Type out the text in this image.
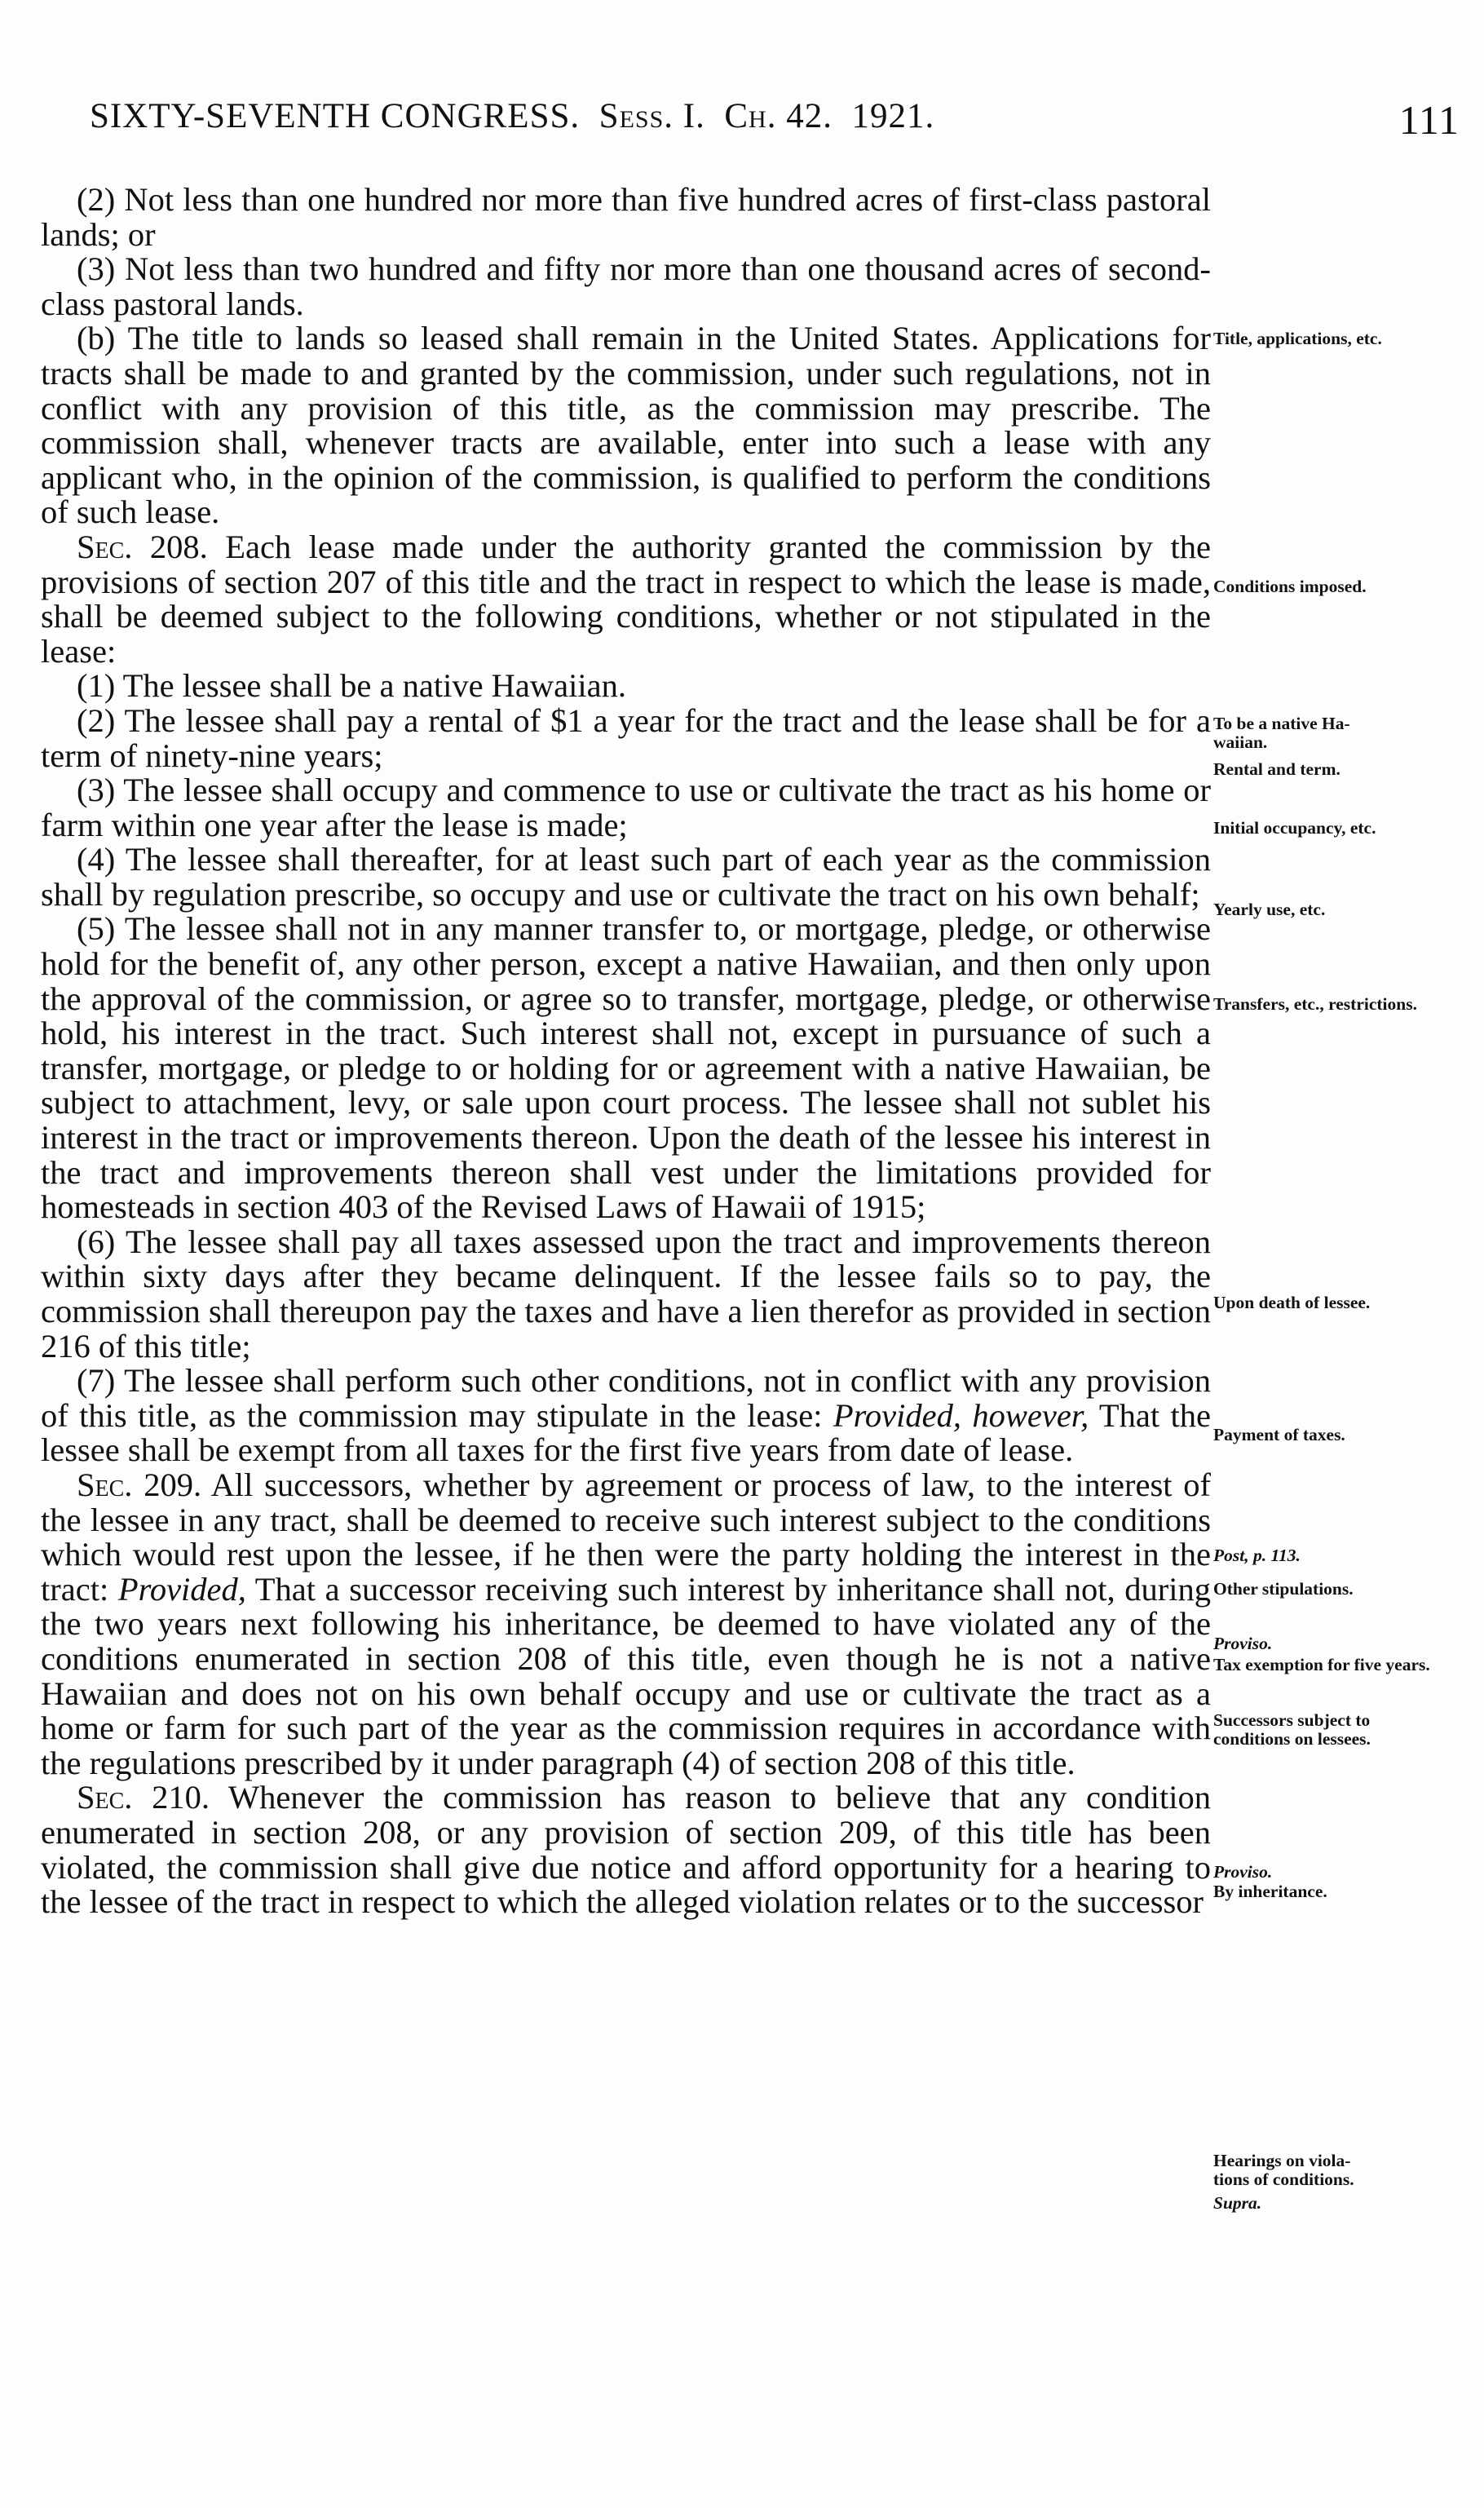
SIXTY-SEVENTH CONGRESS. Sess. I. Ch. 42. 1921.	111

(2) Not less than one hundred nor more than five hundred acres of first-class pastoral lands; or

(3) Not less than two hundred and fifty nor more than one thousand acres of second-class pastoral lands.

(b) The title to lands so leased shall remain in the United States. Applications for tracts shall be made to and granted by the commission, under such regulations, not in conflict with any provision of this title, as the commission may prescribe. The commission shall, whenever tracts are available, enter into such a lease with any applicant who, in the opinion of the commission, is qualified to perform the conditions of such lease.

Sec. 208. Each lease made under the authority granted the commission by the provisions of section 207 of this title and the tract in respect to which the lease is made, shall be deemed subject to the following conditions, whether or not stipulated in the lease:

(1) The lessee shall be a native Hawaiian.

(2) The lessee shall pay a rental of $1 a year for the tract and the lease shall be for a term of ninety-nine years;

(3) The lessee shall occupy and commence to use or cultivate the tract as his home or farm within one year after the lease is made;

(4) The lessee shall thereafter, for at least such part of each year as the commission shall by regulation prescribe, so occupy and use or cultivate the tract on his own behalf;

(5) The lessee shall not in any manner transfer to, or mortgage, pledge, or otherwise hold for the benefit of, any other person, except a native Hawaiian, and then only upon the approval of the commission, or agree so to transfer, mortgage, pledge, or otherwise hold, his interest in the tract. Such interest shall not, except in pursuance of such a transfer, mortgage, or pledge to or holding for or agreement with a native Hawaiian, be subject to attachment, levy, or sale upon court process. The lessee shall not sublet his interest in the tract or improvements thereon. Upon the death of the lessee his interest in the tract and improvements thereon shall vest under the limitations provided for homesteads in section 403 of the Revised Laws of Hawaii of 1915;

(6) The lessee shall pay all taxes assessed upon the tract and improvements thereon within sixty days after they became delinquent. If the lessee fails so to pay, the commission shall thereupon pay the taxes and have a lien therefor as provided in section 216 of this title;

(7) The lessee shall perform such other conditions, not in conflict with any provision of this title, as the commission may stipulate in the lease: Provided, however, That the lessee shall be exempt from all taxes for the first five years from date of lease.

Sec. 209. All successors, whether by agreement or process of law, to the interest of the lessee in any tract, shall be deemed to receive such interest subject to the conditions which would rest upon the lessee, if he then were the party holding the interest in the tract: Provided, That a successor receiving such interest by inheritance shall not, during the two years next following his inheritance, be deemed to have violated any of the conditions enumerated in section 208 of this title, even though he is not a native Hawaiian and does not on his own behalf occupy and use or cultivate the tract as a home or farm for such part of the year as the commission requires in accordance with the regulations prescribed by it under paragraph (4) of section 208 of this title.

Sec. 210. Whenever the commission has reason to believe that any condition enumerated in section 208, or any provision of section 209, of this title has been violated, the commission shall give due notice and afford opportunity for a hearing to the lessee of the tract in respect to which the alleged violation relates or to the successor

Title, applications, etc.
Conditions imposed.
To be a native Ha-
waiian.
Rental and term.
Initial occupancy, etc.
Yearly use, etc.
Transfers, etc., restrictions.
Upon death of lessee.
Payment of taxes.
Post, p. 113.
Other stipulations.
Proviso.
Tax exemption for five years.
Successors subject to
conditions on lessees.
Proviso.
By inheritance.
Hearings on viola-
tions of conditions.
Supra.
